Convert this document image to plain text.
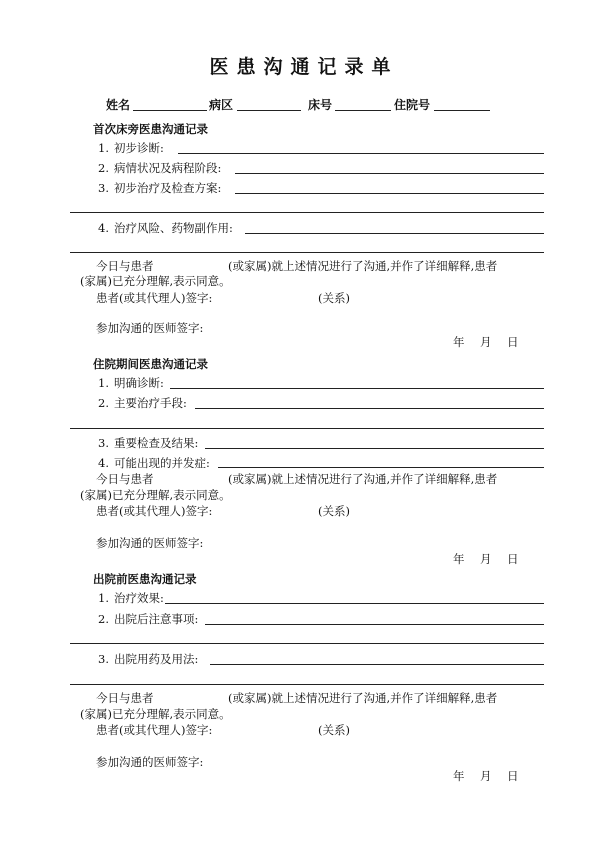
医患沟通记录单
姓名	病区	床号	住院号
首次床旁医患沟通记录
1. 初步诊断:
2. 病情状况及病程阶段:
3. 初步治疗及检查方案:
4. 治疗风险、药物副作用:
今日与患者	(或家属)就上述情况进行了沟通,并作了详细解释,患者
(家属)已充分理解,表示同意。
患者(或其代理人)签字:	(关系)
参加沟通的医师签字:
年　月　日
住院期间医患沟通记录
1. 明确诊断:
2. 主要治疗手段:
3. 重要检查及结果:
4. 可能出现的并发症:
今日与患者	(或家属)就上述情况进行了沟通,并作了详细解释,患者
(家属)已充分理解,表示同意。
患者(或其代理人)签字:	(关系)
参加沟通的医师签字:
年　月　日
出院前医患沟通记录
1. 治疗效果:
2. 出院后注意事项:
3. 出院用药及用法:
今日与患者	(或家属)就上述情况进行了沟通,并作了详细解释,患者
(家属)已充分理解,表示同意。
患者(或其代理人)签字:	(关系)
参加沟通的医师签字:
年　月　日
